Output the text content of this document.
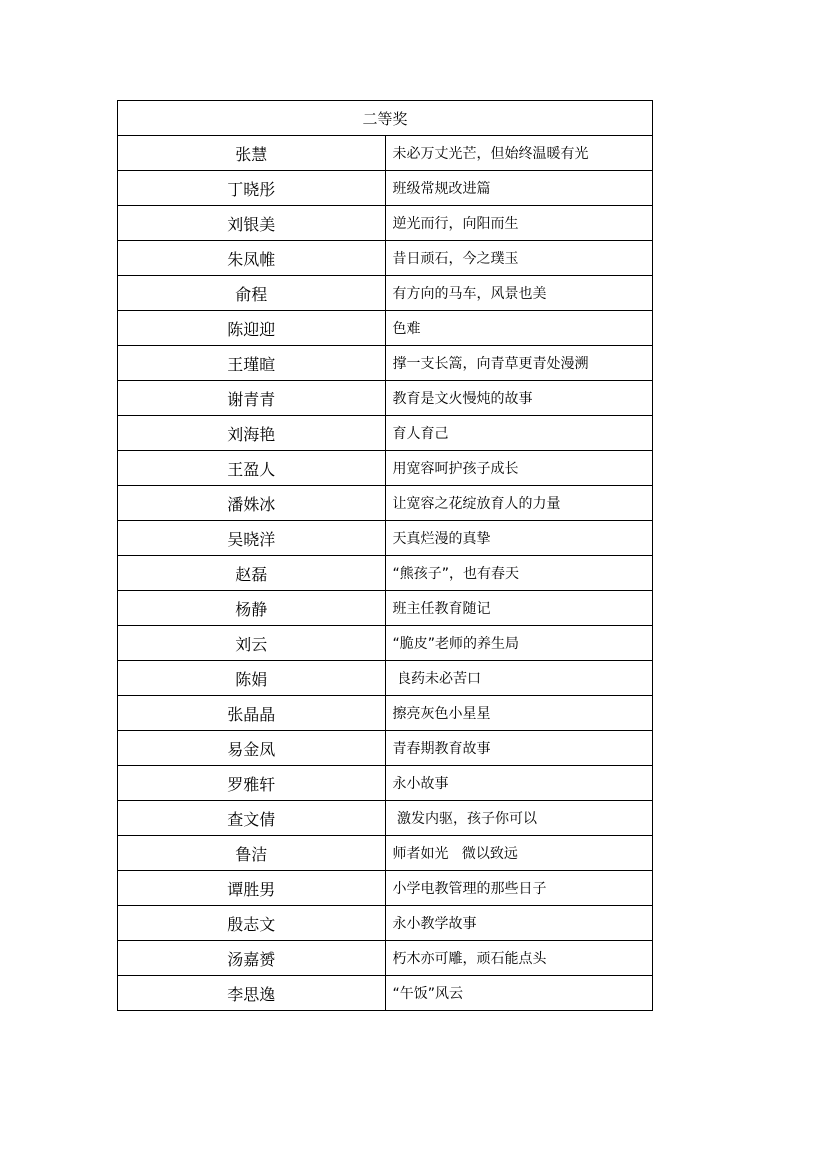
二等奖	
张慧	未必万丈光芒，但始终温暖有光
丁晓彤	班级常规改进篇
刘银美	逆光而行，向阳而生
朱凤帷	昔日顽石，今之璞玉
俞程	有方向的马车，风景也美
陈迎迎	色难
王瑾暄	撑一支长篙，向青草更青处漫溯
谢青青	教育是文火慢炖的故事
刘海艳	育人育己
王盈人	用宽容呵护孩子成长
潘姝冰	让宽容之花绽放育人的力量
吴晓洋	天真烂漫的真挚
赵磊	“熊孩子”，也有春天
杨静	班主任教育随记
刘云	“脆皮”老师的养生局
陈娟	良药未必苦口
张晶晶	擦亮灰色小星星
易金凤	青春期教育故事
罗雅轩	永小故事
查文倩	激发内驱，孩子你可以
鲁洁	师者如光   微以致远
谭胜男	小学电教管理的那些日子
殷志文	永小教学故事
汤嘉赟	朽木亦可雕，顽石能点头
李思逸	“午饭”风云
